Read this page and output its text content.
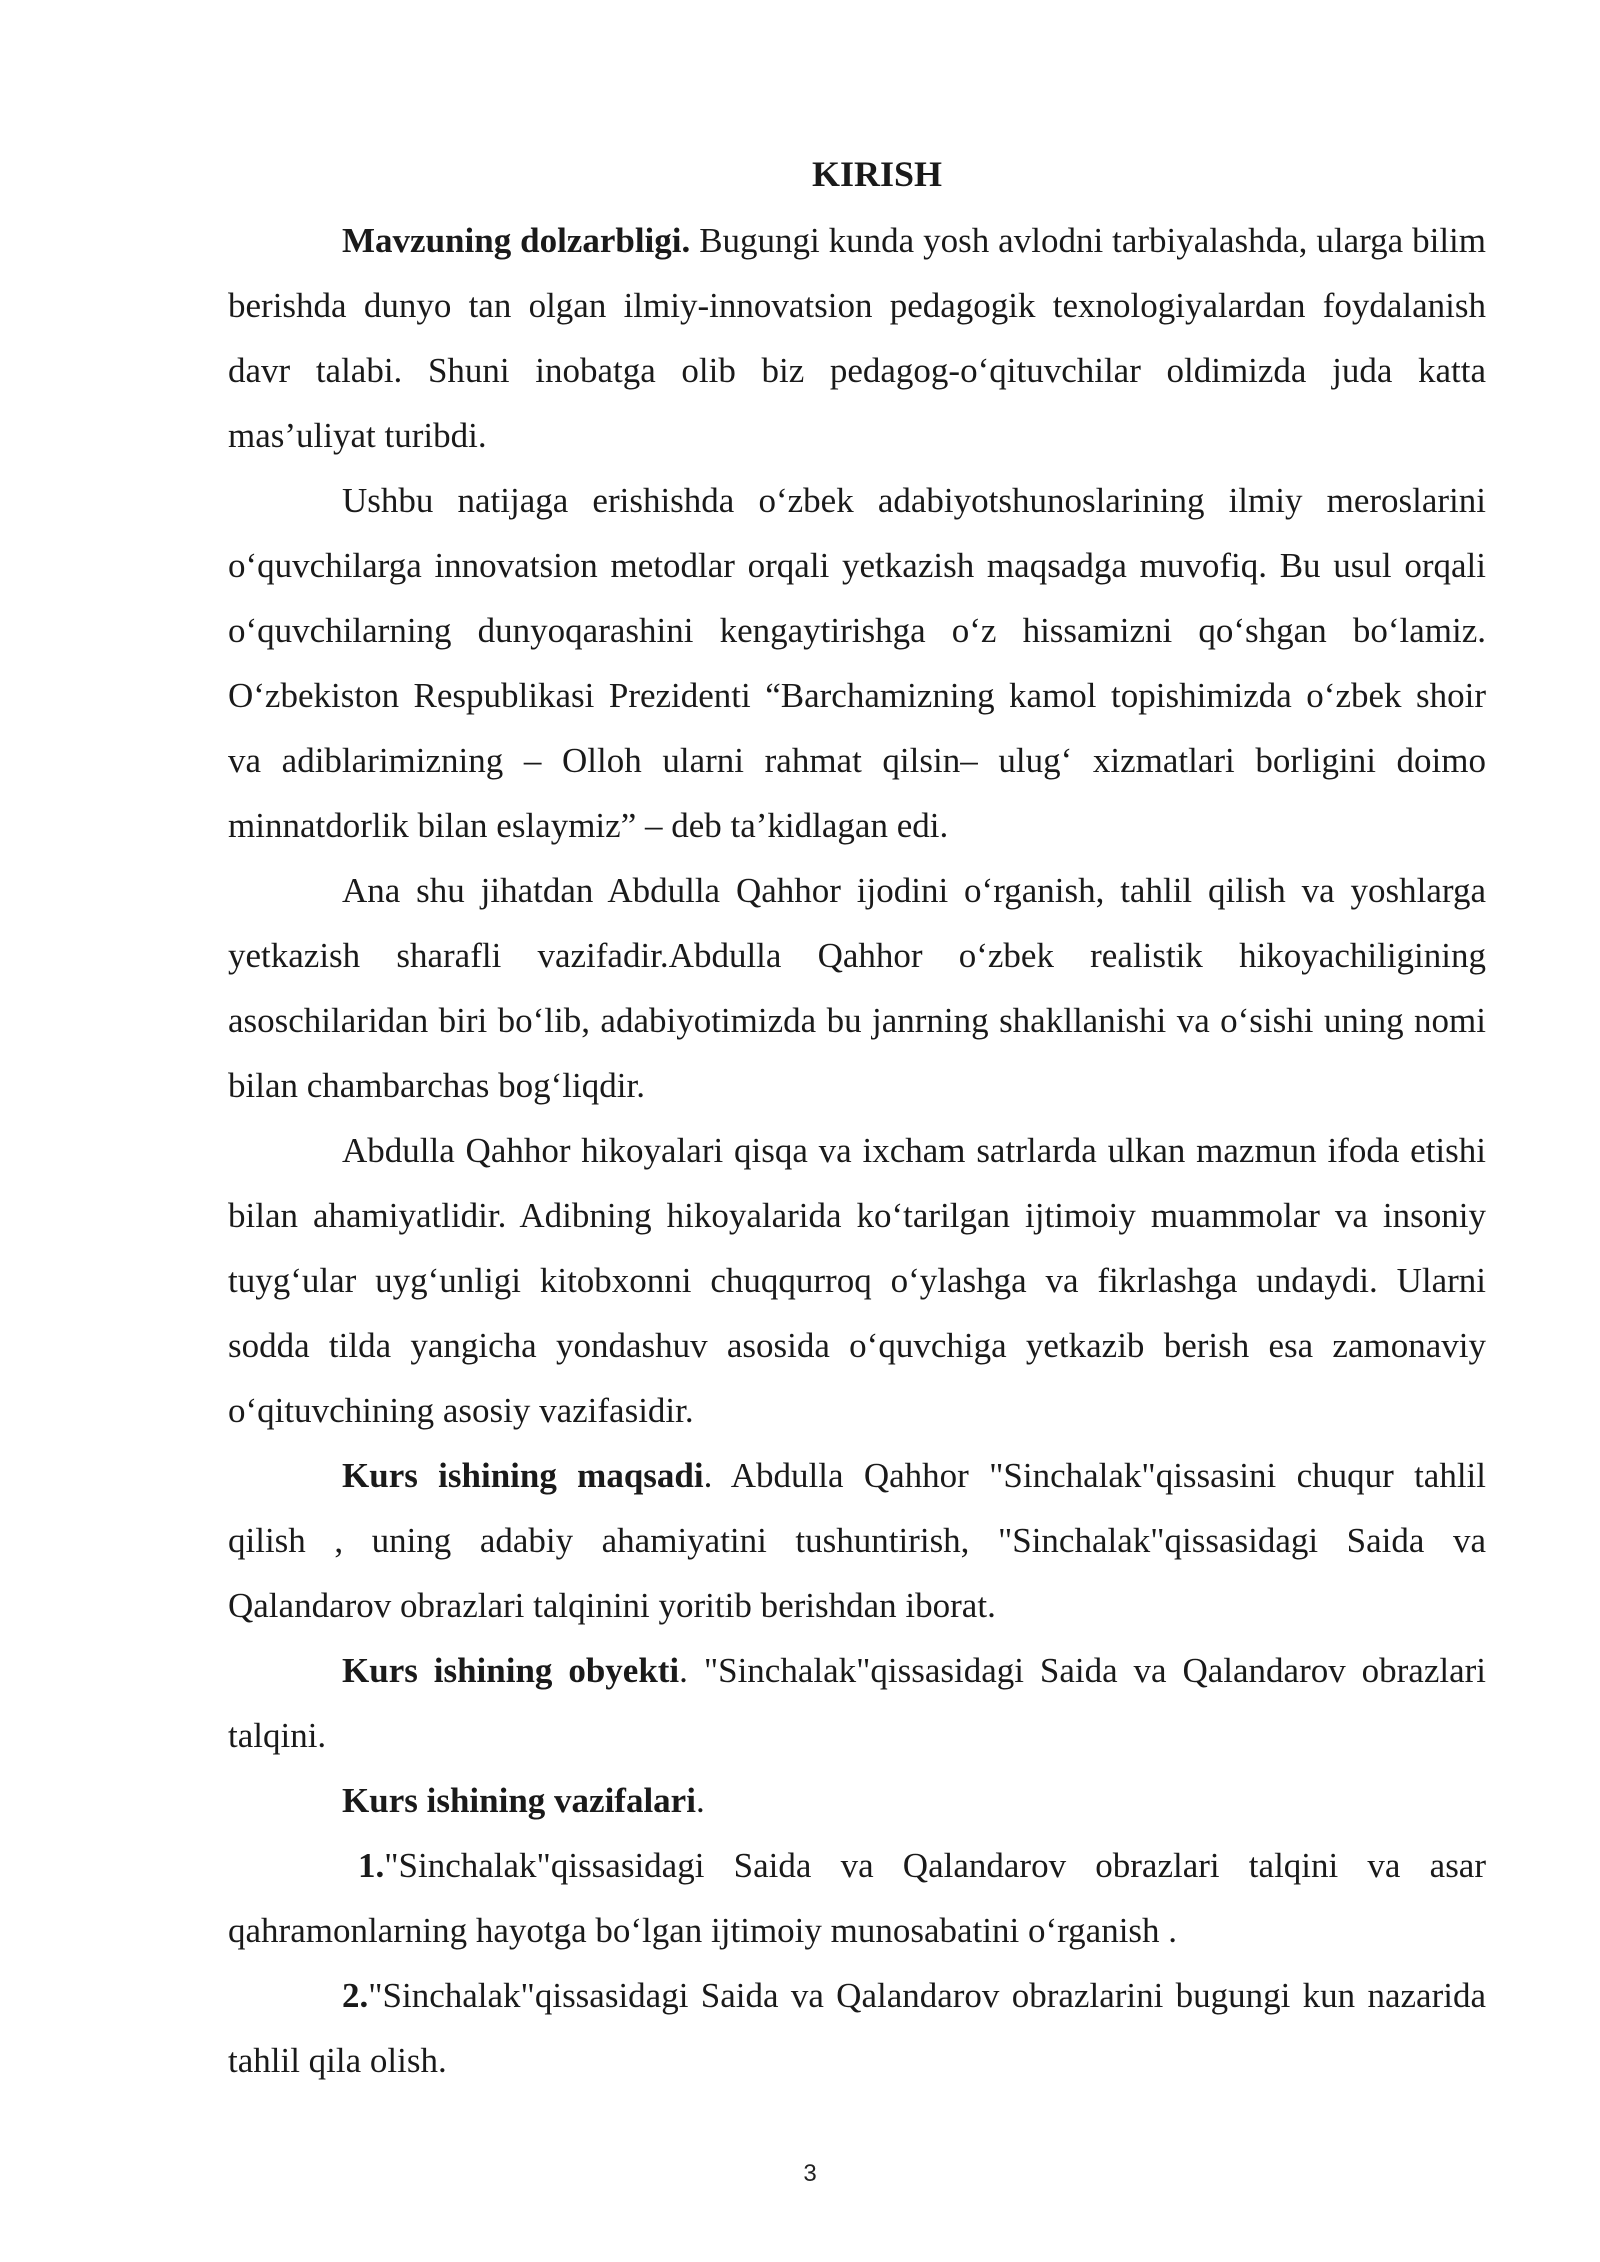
KIRISH

Mavzuning dolzarbligi. Bugungi kunda yosh avlodni tarbiyalashda, ularga bilim berishda dunyo tan olgan ilmiy-innovatsion pedagogik texnologiyalardan foydalanish davr talabi. Shuni inobatga olib biz pedagog-o‘qituvchilar oldimizda juda katta mas’uliyat turibdi.

Ushbu natijaga erishishda o‘zbek adabiyotshunoslarining ilmiy meroslarini o‘quvchilarga innovatsion metodlar orqali yetkazish maqsadga muvofiq. Bu usul orqali o‘quvchilarning dunyoqarashini kengaytirishga o‘z hissamizni qo‘shgan bo‘lamiz. O‘zbekiston Respublikasi Prezidenti “Barchamizning kamol topishimizda o‘zbek shoir va adiblarimizning – Olloh ularni rahmat qilsin– ulug‘ xizmatlari borligini doimo minnatdorlik bilan eslaymiz” – deb ta’kidlagan edi.

Ana shu jihatdan Abdulla Qahhor ijodini o‘rganish, tahlil qilish va yoshlarga yetkazish sharafli vazifadir.Abdulla Qahhor o‘zbek realistik hikoyachiligining asoschilaridan biri bo‘lib, adabiyotimizda bu janrning shakllanishi va o‘sishi uning nomi bilan chambarchas bog‘liqdir.

Abdulla Qahhor hikoyalari qisqa va ixcham satrlarda ulkan mazmun ifoda etishi bilan ahamiyatlidir. Adibning hikoyalarida ko‘tarilgan ijtimoiy muammolar va insoniy tuyg‘ular uyg‘unligi kitobxonni chuqqurroq o‘ylashga va fikrlashga undaydi. Ularni sodda tilda yangicha yondashuv asosida o‘quvchiga yetkazib berish esa zamonaviy o‘qituvchining asosiy vazifasidir.

Kurs ishining maqsadi. Abdulla Qahhor "Sinchalak"qissasini chuqur tahlil qilish , uning adabiy ahamiyatini tushuntirish, "Sinchalak"qissasidagi Saida va Qalandarov obrazlari talqinini yoritib berishdan iborat.

Kurs ishining obyekti. "Sinchalak"qissasidagi Saida va Qalandarov obrazlari talqini.

Kurs ishining vazifalari.

1."Sinchalak"qissasidagi Saida va Qalandarov obrazlari talqini va asar qahramonlarning hayotga bo‘lgan ijtimoiy munosabatini o‘rganish .

2."Sinchalak"qissasidagi Saida va Qalandarov obrazlarini bugungi kun nazarida tahlil qila olish.

3
